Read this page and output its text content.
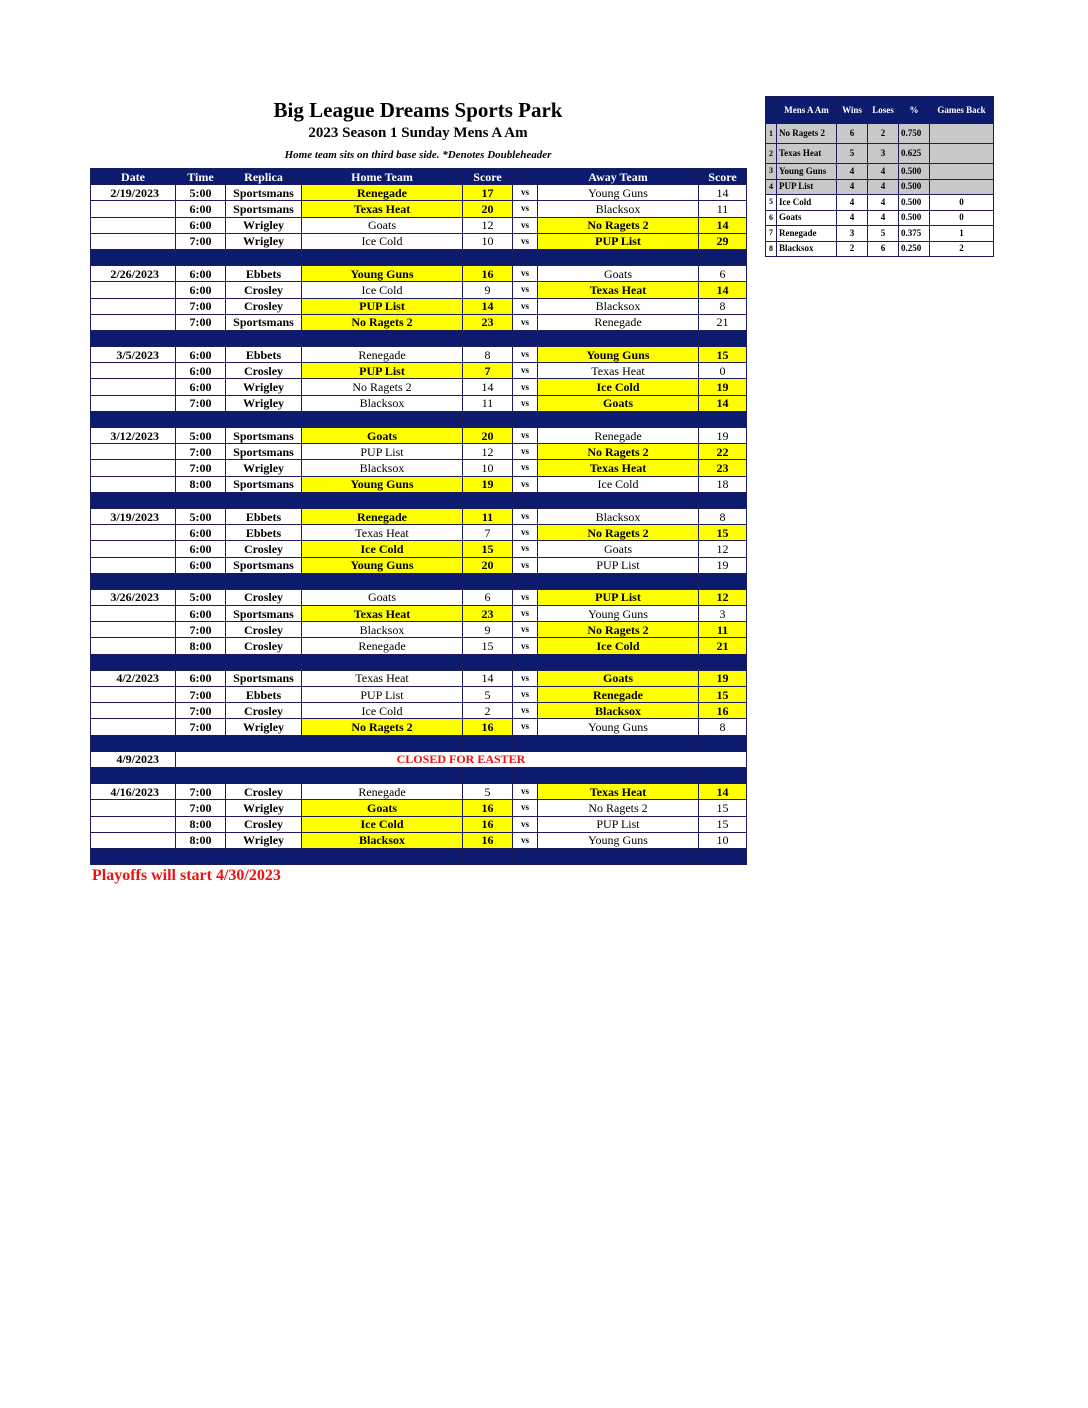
Big League Dreams Sports Park
2023 Season 1 Sunday Mens A Am
Home team sits on third base side. *Denotes Doubleheader
Date	Time	Replica	Home Team	Score		Away Team	Score
2/19/2023	5:00	Sportsmans	Renegade	17	vs	Young Guns	14
	6:00	Sportsmans	Texas Heat	20	vs	Blacksox	11
	6:00	Wrigley	Goats	12	vs	No Ragets 2	14
	7:00	Wrigley	Ice Cold	10	vs	PUP List	29

2/26/2023	6:00	Ebbets	Young Guns	16	vs	Goats	6
	6:00	Crosley	Ice Cold	9	vs	Texas Heat	14
	7:00	Crosley	PUP List	14	vs	Blacksox	8
	7:00	Sportsmans	No Ragets 2	23	vs	Renegade	21

3/5/2023	6:00	Ebbets	Renegade	8	vs	Young Guns	15
	6:00	Crosley	PUP List	7	vs	Texas Heat	0
	6:00	Wrigley	No Ragets 2	14	vs	Ice Cold	19
	7:00	Wrigley	Blacksox	11	vs	Goats	14

3/12/2023	5:00	Sportsmans	Goats	20	vs	Renegade	19
	7:00	Sportsmans	PUP List	12	vs	No Ragets 2	22
	7:00	Wrigley	Blacksox	10	vs	Texas Heat	23
	8:00	Sportsmans	Young Guns	19	vs	Ice Cold	18

3/19/2023	5:00	Ebbets	Renegade	11	vs	Blacksox	8
	6:00	Ebbets	Texas Heat	7	vs	No Ragets 2	15
	6:00	Crosley	Ice Cold	15	vs	Goats	12
	6:00	Sportsmans	Young Guns	20	vs	PUP List	19

3/26/2023	5:00	Crosley	Goats	6	vs	PUP List	12
	6:00	Sportsmans	Texas Heat	23	vs	Young Guns	3
	7:00	Crosley	Blacksox	9	vs	No Ragets 2	11
	8:00	Crosley	Renegade	15	vs	Ice Cold	21

4/2/2023	6:00	Sportsmans	Texas Heat	14	vs	Goats	19
	7:00	Ebbets	PUP List	5	vs	Renegade	15
	7:00	Crosley	Ice Cold	2	vs	Blacksox	16
	7:00	Wrigley	No Ragets 2	16	vs	Young Guns	8

4/9/2023	CLOSED FOR EASTER						

4/16/2023	7:00	Crosley	Renegade	5	vs	Texas Heat	14
	7:00	Wrigley	Goats	16	vs	No Ragets 2	15
	8:00	Crosley	Ice Cold	16	vs	PUP List	15
	8:00	Wrigley	Blacksox	16	vs	Young Guns	10

	Mens A Am	Wins	Loses	%	Games Back
1	No Ragets 2	6	2	0.750	
2	Texas Heat	5	3	0.625	
3	Young Guns	4	4	0.500	
4	PUP List	4	4	0.500	
5	Ice Cold	4	4	0.500	0
6	Goats	4	4	0.500	0
7	Renegade	3	5	0.375	1
8	Blacksox	2	6	0.250	2
Playoffs will start 4/30/2023
